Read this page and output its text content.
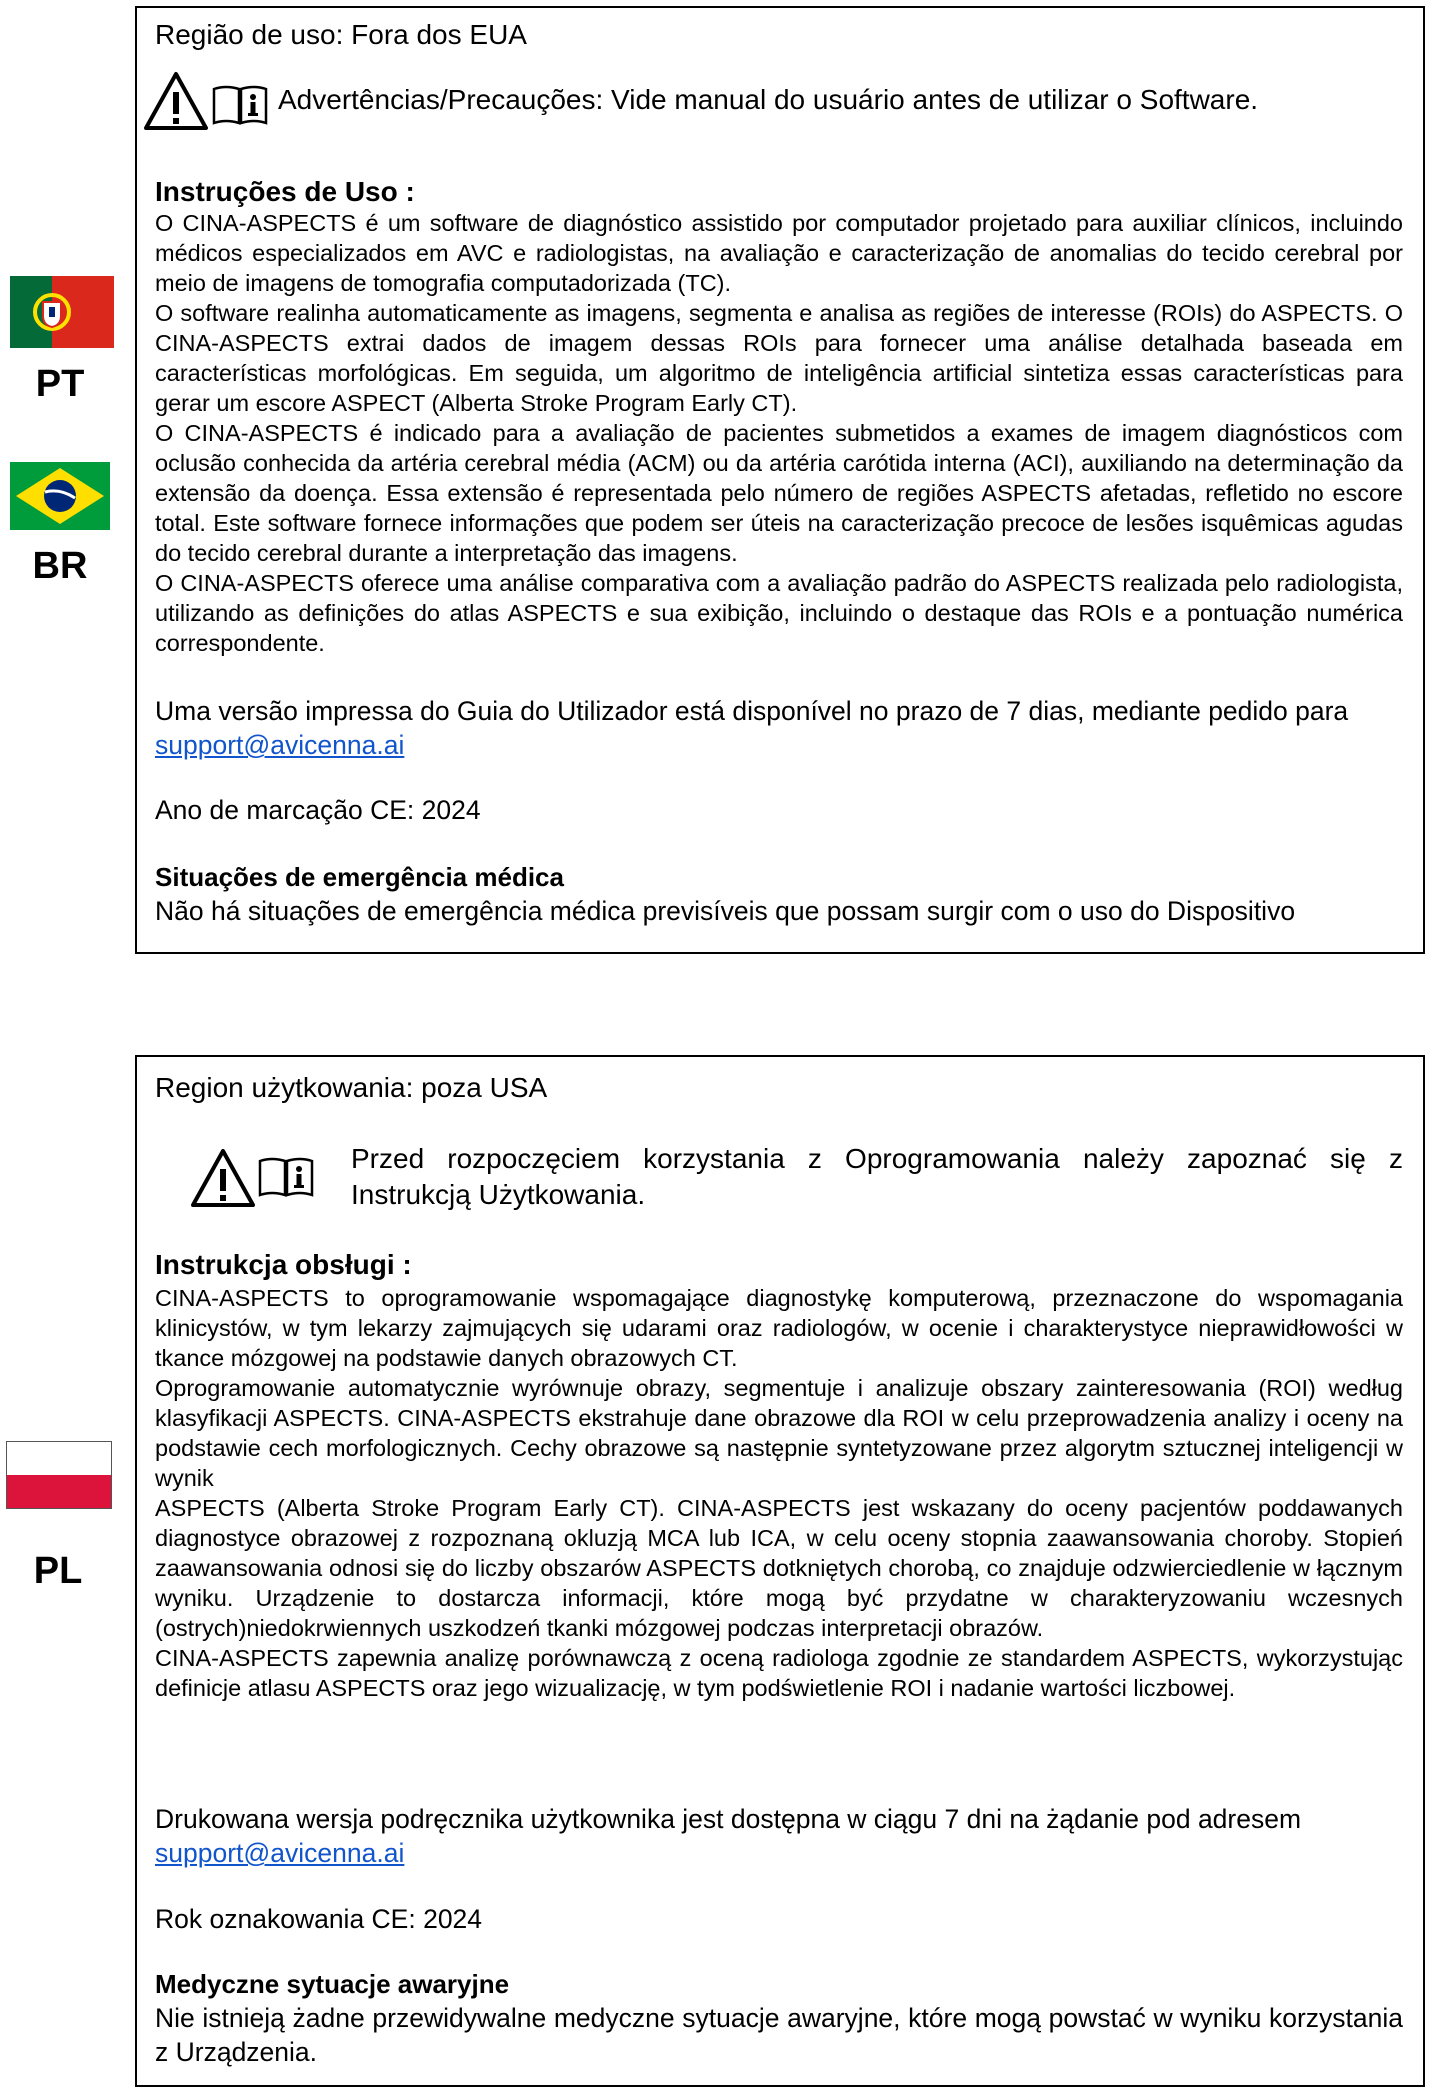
PT
BR
PL
Região de uso: Fora dos EUA
Advertências/Precauções: Vide manual do usuário antes de utilizar o Software.
Instruções de Uso :

O CINA-ASPECTS é um software de diagnóstico assistido por computador projetado para auxiliar clínicos, incluindo médicos especializados em AVC e radiologistas, na avaliação e caracterização de anomalias do tecido cerebral por meio de imagens de tomografia computadorizada (TC).

O software realinha automaticamente as imagens, segmenta e analisa as regiões de interesse (ROIs) do ASPECTS. O CINA-ASPECTS extrai dados de imagem dessas ROIs para fornecer uma análise detalhada baseada em características morfológicas. Em seguida, um algoritmo de inteligência artificial sintetiza essas características para gerar um escore ASPECT (Alberta Stroke Program Early CT).

O CINA-ASPECTS é indicado para a avaliação de pacientes submetidos a exames de imagem diagnósticos com oclusão conhecida da artéria cerebral média (ACM) ou da artéria carótida interna (ACI), auxiliando na determinação da extensão da doença. Essa extensão é representada pelo número de regiões ASPECTS afetadas, refletido no escore total. Este software fornece informações que podem ser úteis na caracterização precoce de lesões isquêmicas agudas do tecido cerebral durante a interpretação das imagens.

O CINA-ASPECTS oferece uma análise comparativa com a avaliação padrão do ASPECTS realizada pelo radiologista, utilizando as definições do atlas ASPECTS e sua exibição, incluindo o destaque das ROIs e a pontuação numérica correspondente.

Uma versão impressa do Guia do Utilizador está disponível no prazo de 7 dias, mediante pedido para
support@avicenna.ai
Ano de marcação CE: 2024
Situações de emergência médica
Não há situações de emergência médica previsíveis que possam surgir com o uso do Dispositivo
Region użytkowania: poza USA
Przed rozpoczęciem korzystania z Oprogramowania należy zapoznać się z Instrukcją Użytkowania.
Instrukcja obsługi :

CINA-ASPECTS to oprogramowanie wspomagające diagnostykę komputerową, przeznaczone do wspomagania klinicystów, w tym lekarzy zajmujących się udarami oraz radiologów, w ocenie i charakterystyce nieprawidłowości w tkance mózgowej na podstawie danych obrazowych CT.

Oprogramowanie automatycznie wyrównuje obrazy, segmentuje i analizuje obszary zainteresowania (ROI) według klasyfikacji ASPECTS. CINA-ASPECTS ekstrahuje dane obrazowe dla ROI w celu przeprowadzenia analizy i oceny na podstawie cech morfologicznych. Cechy obrazowe są następnie syntetyzowane przez algorytm sztucznej inteligencji w wynik

ASPECTS (Alberta Stroke Program Early CT). CINA-ASPECTS jest wskazany do oceny pacjentów poddawanych diagnostyce obrazowej z rozpoznaną okluzją MCA lub ICA, w celu oceny stopnia zaawansowania choroby. Stopień zaawansowania odnosi się do liczby obszarów ASPECTS dotkniętych chorobą, co znajduje odzwierciedlenie w łącznym wyniku. Urządzenie to dostarcza informacji, które mogą być przydatne w charakteryzowaniu wczesnych (ostrych)niedokrwiennych uszkodzeń tkanki mózgowej podczas interpretacji obrazów.

CINA-ASPECTS zapewnia analizę porównawczą z oceną radiologa zgodnie ze standardem ASPECTS, wykorzystując definicje atlasu ASPECTS oraz jego wizualizację, w tym podświetlenie ROI i nadanie wartości liczbowej.

Drukowana wersja podręcznika użytkownika jest dostępna w ciągu 7 dni na żądanie pod adresem
support@avicenna.ai
Rok oznakowania CE: 2024
Medyczne sytuacje awaryjne
Nie istnieją żadne przewidywalne medyczne sytuacje awaryjne, które mogą powstać w wyniku korzystania z Urządzenia.
